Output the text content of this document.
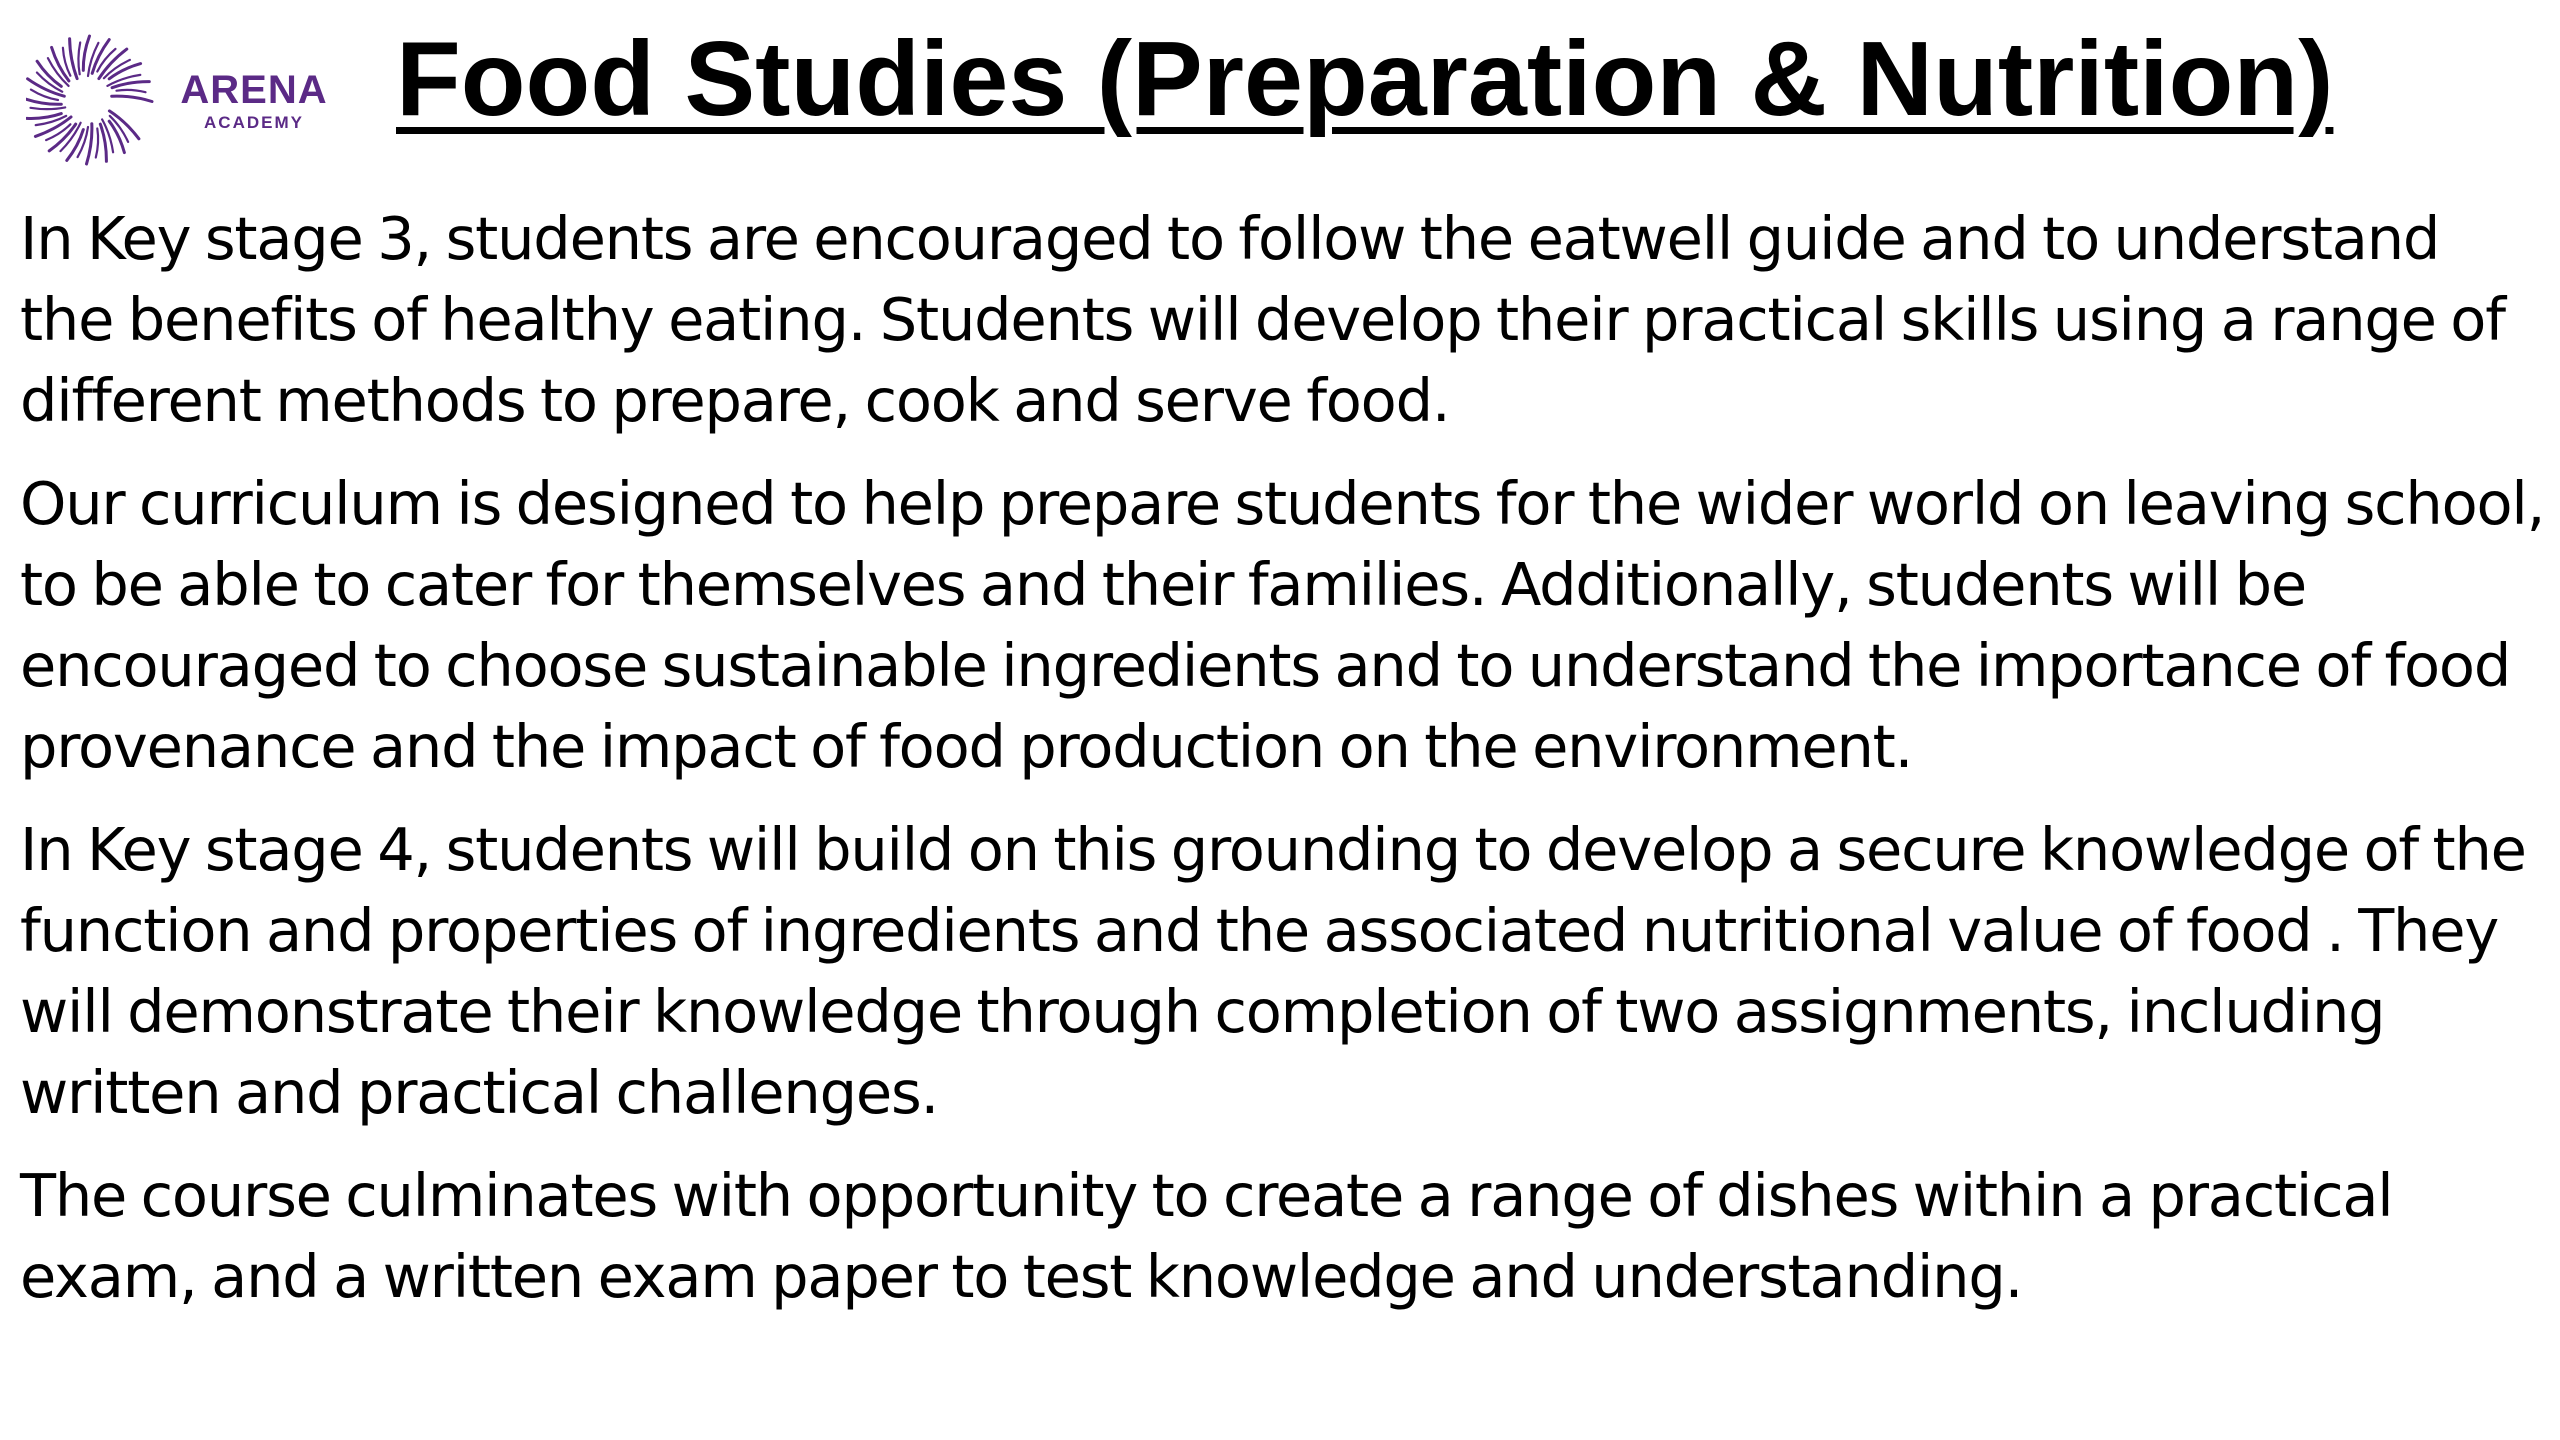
ARENA
ACADEMY Food Studies (Preparation & Nutrition)

In Key stage 3, students are encouraged to follow the eatwell guide and to understand the benefits of healthy eating. Students will develop their practical skills using a range of different methods to prepare, cook and serve food.

Our curriculum is designed to help prepare students for the wider world on leaving school, to be able to cater for themselves and their families. Additionally, students will be encouraged to choose sustainable ingredients and to understand the importance of food provenance and the impact of food production on the environment.

In Key stage 4, students will build on this grounding to develop a secure knowledge of the function and properties of ingredients and the associated nutritional value of food . They will demonstrate their knowledge through completion of two assignments, including written and practical challenges.

The course culminates with opportunity to create a range of dishes within a practical exam, and a written exam paper to test knowledge and understanding.
